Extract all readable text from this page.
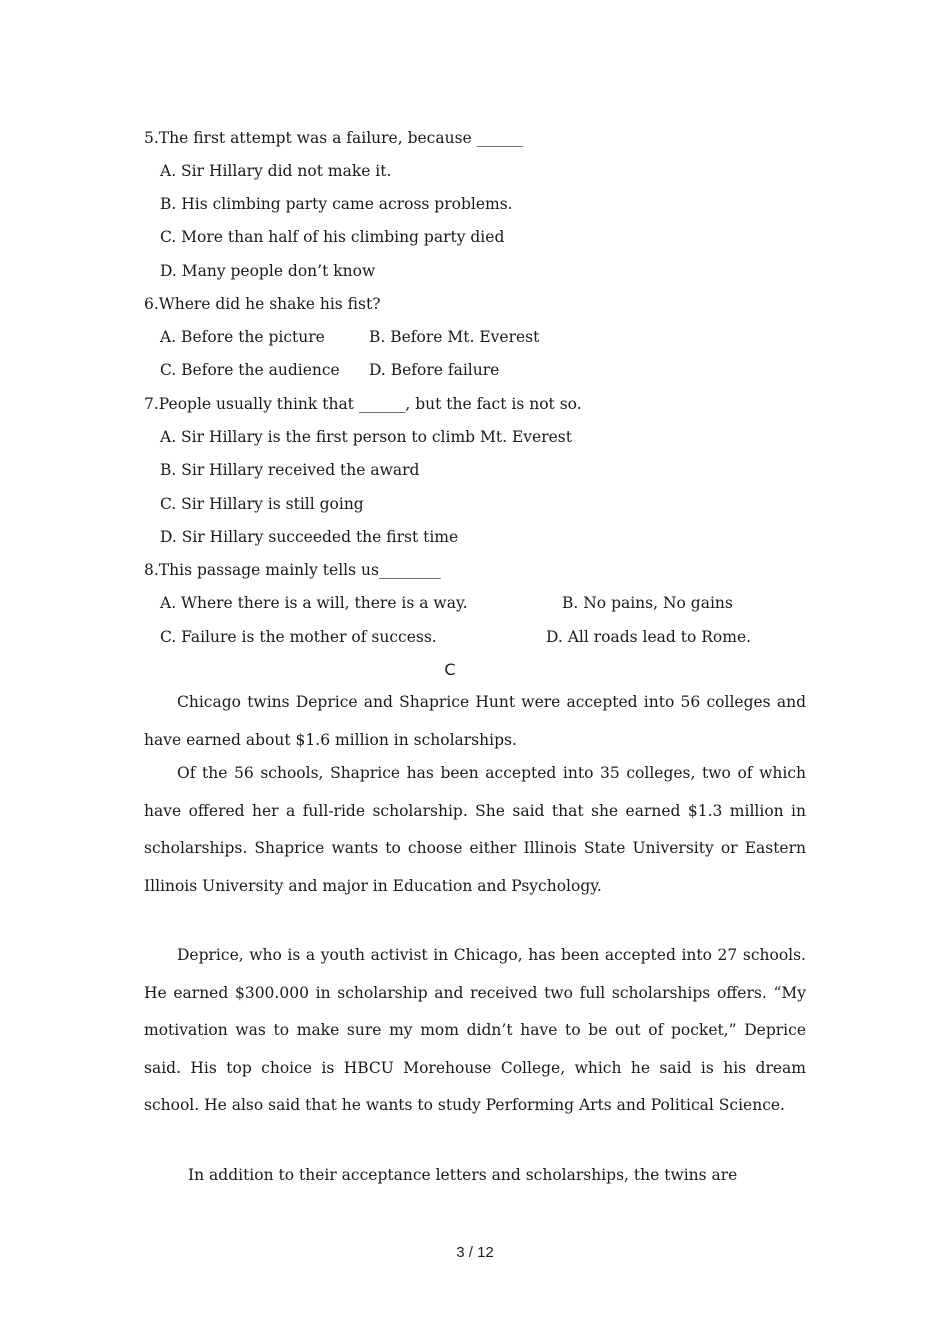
5.The first attempt was a failure, because ______
A. Sir Hillary did not make it.
B. His climbing party came across problems.
C. More than half of his climbing party died
D. Many people don’t know
6.Where did he shake his fist?
A. Before the picture	B. Before Mt. Everest
C. Before the audience	D. Before failure
7.People usually think that ______, but the fact is not so.
A. Sir Hillary is the first person to climb Mt. Everest
B. Sir Hillary received the award
C. Sir Hillary is still going
D. Sir Hillary succeeded the first time
8.This passage mainly tells us________
A. Where there is a will, there is a way.	B. No pains, No gains
C. Failure is the mother of success.	D. All roads lead to Rome.
C

Chicago twins Deprice and Shaprice Hunt were accepted into 56 colleges and have earned about $1.6 million in scholarships.

Of the 56 schools, Shaprice has been accepted into 35 colleges, two of which have offered her a full-ride scholarship. She said that she earned $1.3 million in scholarships. Shaprice wants to choose either Illinois State University or Eastern Illinois University and major in Education and Psychology.

Deprice, who is a youth activist in Chicago, has been accepted into 27 schools. He earned $300.000 in scholarship and received two full scholarships offers. “My motivation was to make sure my mom didn’t have to be out of pocket,” Deprice said. His top choice is HBCU Morehouse College, which he said is his dream school. He also said that he wants to study Performing Arts and Political Science.

In addition to their acceptance letters and scholarships, the twins are

3 / 12
